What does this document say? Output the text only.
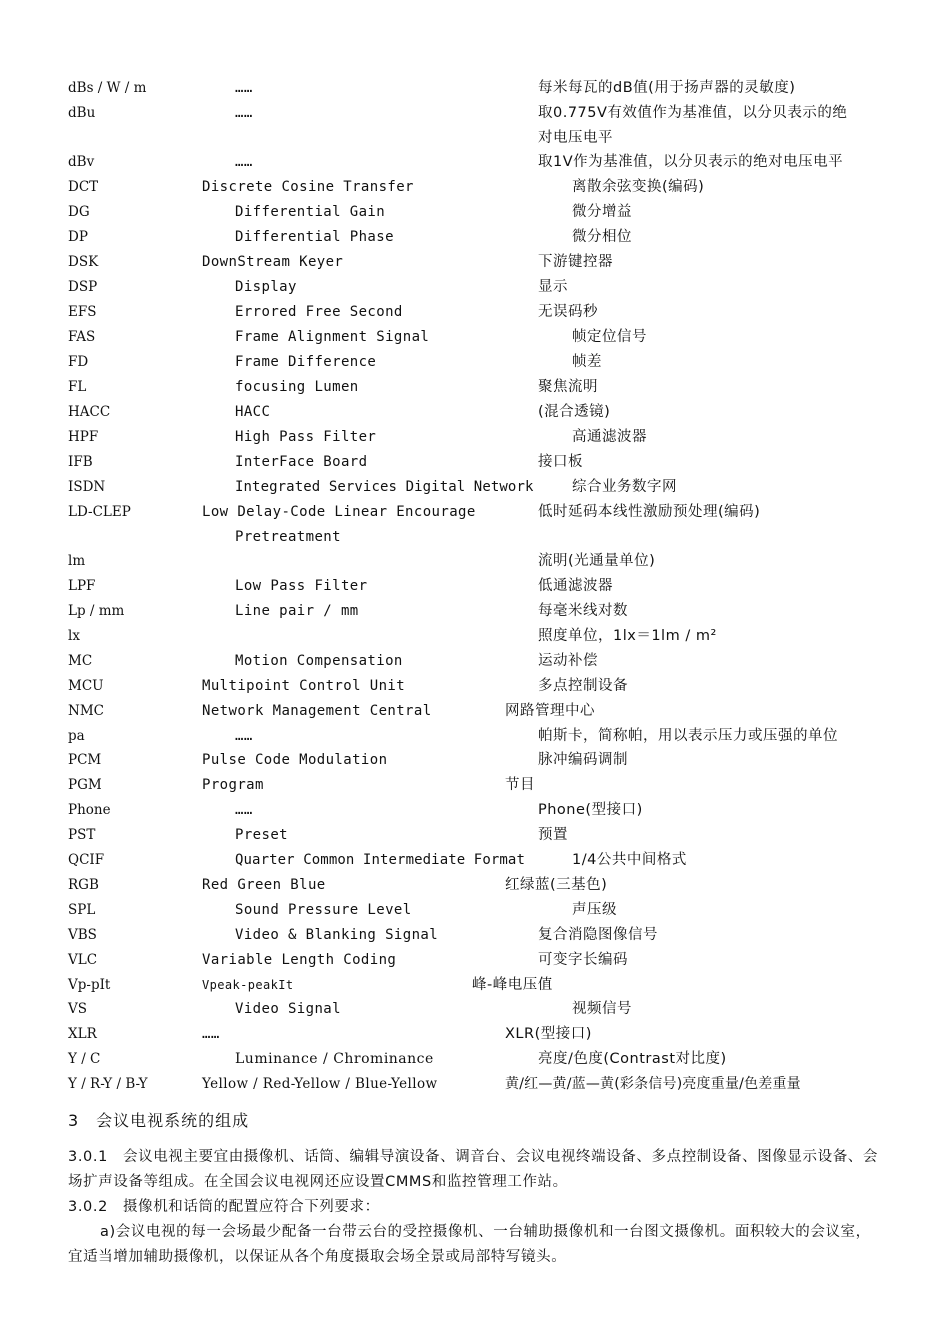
dBs / W / m	……	每米每瓦的dB值(用于扬声器的灵敏度)
dBu	……	取0.775V有效值作为基准值，以分贝表示的绝
对电压电平
dBv	……	取1V作为基准值，以分贝表示的绝对电压电平
DCT	Discrete Cosine Transfer	离散余弦变换(编码)
DG	Differential Gain	微分增益
DP	Differential Phase	微分相位
DSK	DownStream Keyer	下游键控器
DSP	Display	显示
EFS	Errored Free Second	无误码秒
FAS	Frame Alignment Signal	帧定位信号
FD	Frame Difference	帧差
FL	focusing Lumen	聚焦流明
HACC	HACC	(混合透镜)
HPF	High Pass Filter	高通滤波器
IFB	InterFace Board	接口板
ISDN	Integrated Services Digital Network	综合业务数字网
LD-CLEP	Low Delay-Code Linear Encourage	低时延码本线性激励预处理(编码)
Pretreatment
lm	流明(光通量单位)
LPF	Low Pass Filter	低通滤波器
Lp / mm	Line pair / mm	每毫米线对数
lx	照度单位，1lx＝1lm / m²
MC	Motion Compensation	运动补偿
MCU	Multipoint Control Unit	多点控制设备
NMC	Network Management Central	网路管理中心
pa	……	帕斯卡，简称帕，用以表示压力或压强的单位
PCM	Pulse Code Modulation	脉冲编码调制
PGM	Program	节目
Phone	……	Phone(型接口)
PST	Preset	预置
QCIF	Quarter Common Intermediate Format	1/4公共中间格式
RGB	Red Green Blue	红绿蓝(三基色)
SPL	Sound Pressure Level	声压级
VBS	Video & Blanking Signal	复合消隐图像信号
VLC	Variable Length Coding	可变字长编码
Vp-pIt	Vpeak-peakIt	峰-峰电压值
VS	Video Signal	视频信号
XLR	……	XLR(型接口)
Y / C	Luminance / Chrominance	亮度/色度(Contrast对比度)
Y / R-Y / B-Y	Yellow / Red-Yellow / Blue-Yellow	黄/红—黄/蓝—黄(彩条信号)亮度重量/色差重量
3　会议电视系统的组成
3.0.1　会议电视主要宜由摄像机、话筒、编辑导演设备、调音台、会议电视终端设备、多点控制设备、图像显示设备、会场扩声设备等组成。在全国会议电视网还应设置CMMS和监控管理工作站。
3.0.2　摄像机和话筒的配置应符合下列要求：
a)会议电视的每一会场最少配备一台带云台的受控摄像机、一台辅助摄像机和一台图文摄像机。面积较大的会议室，宜适当增加辅助摄像机，以保证从各个角度摄取会场全景或局部特写镜头。
